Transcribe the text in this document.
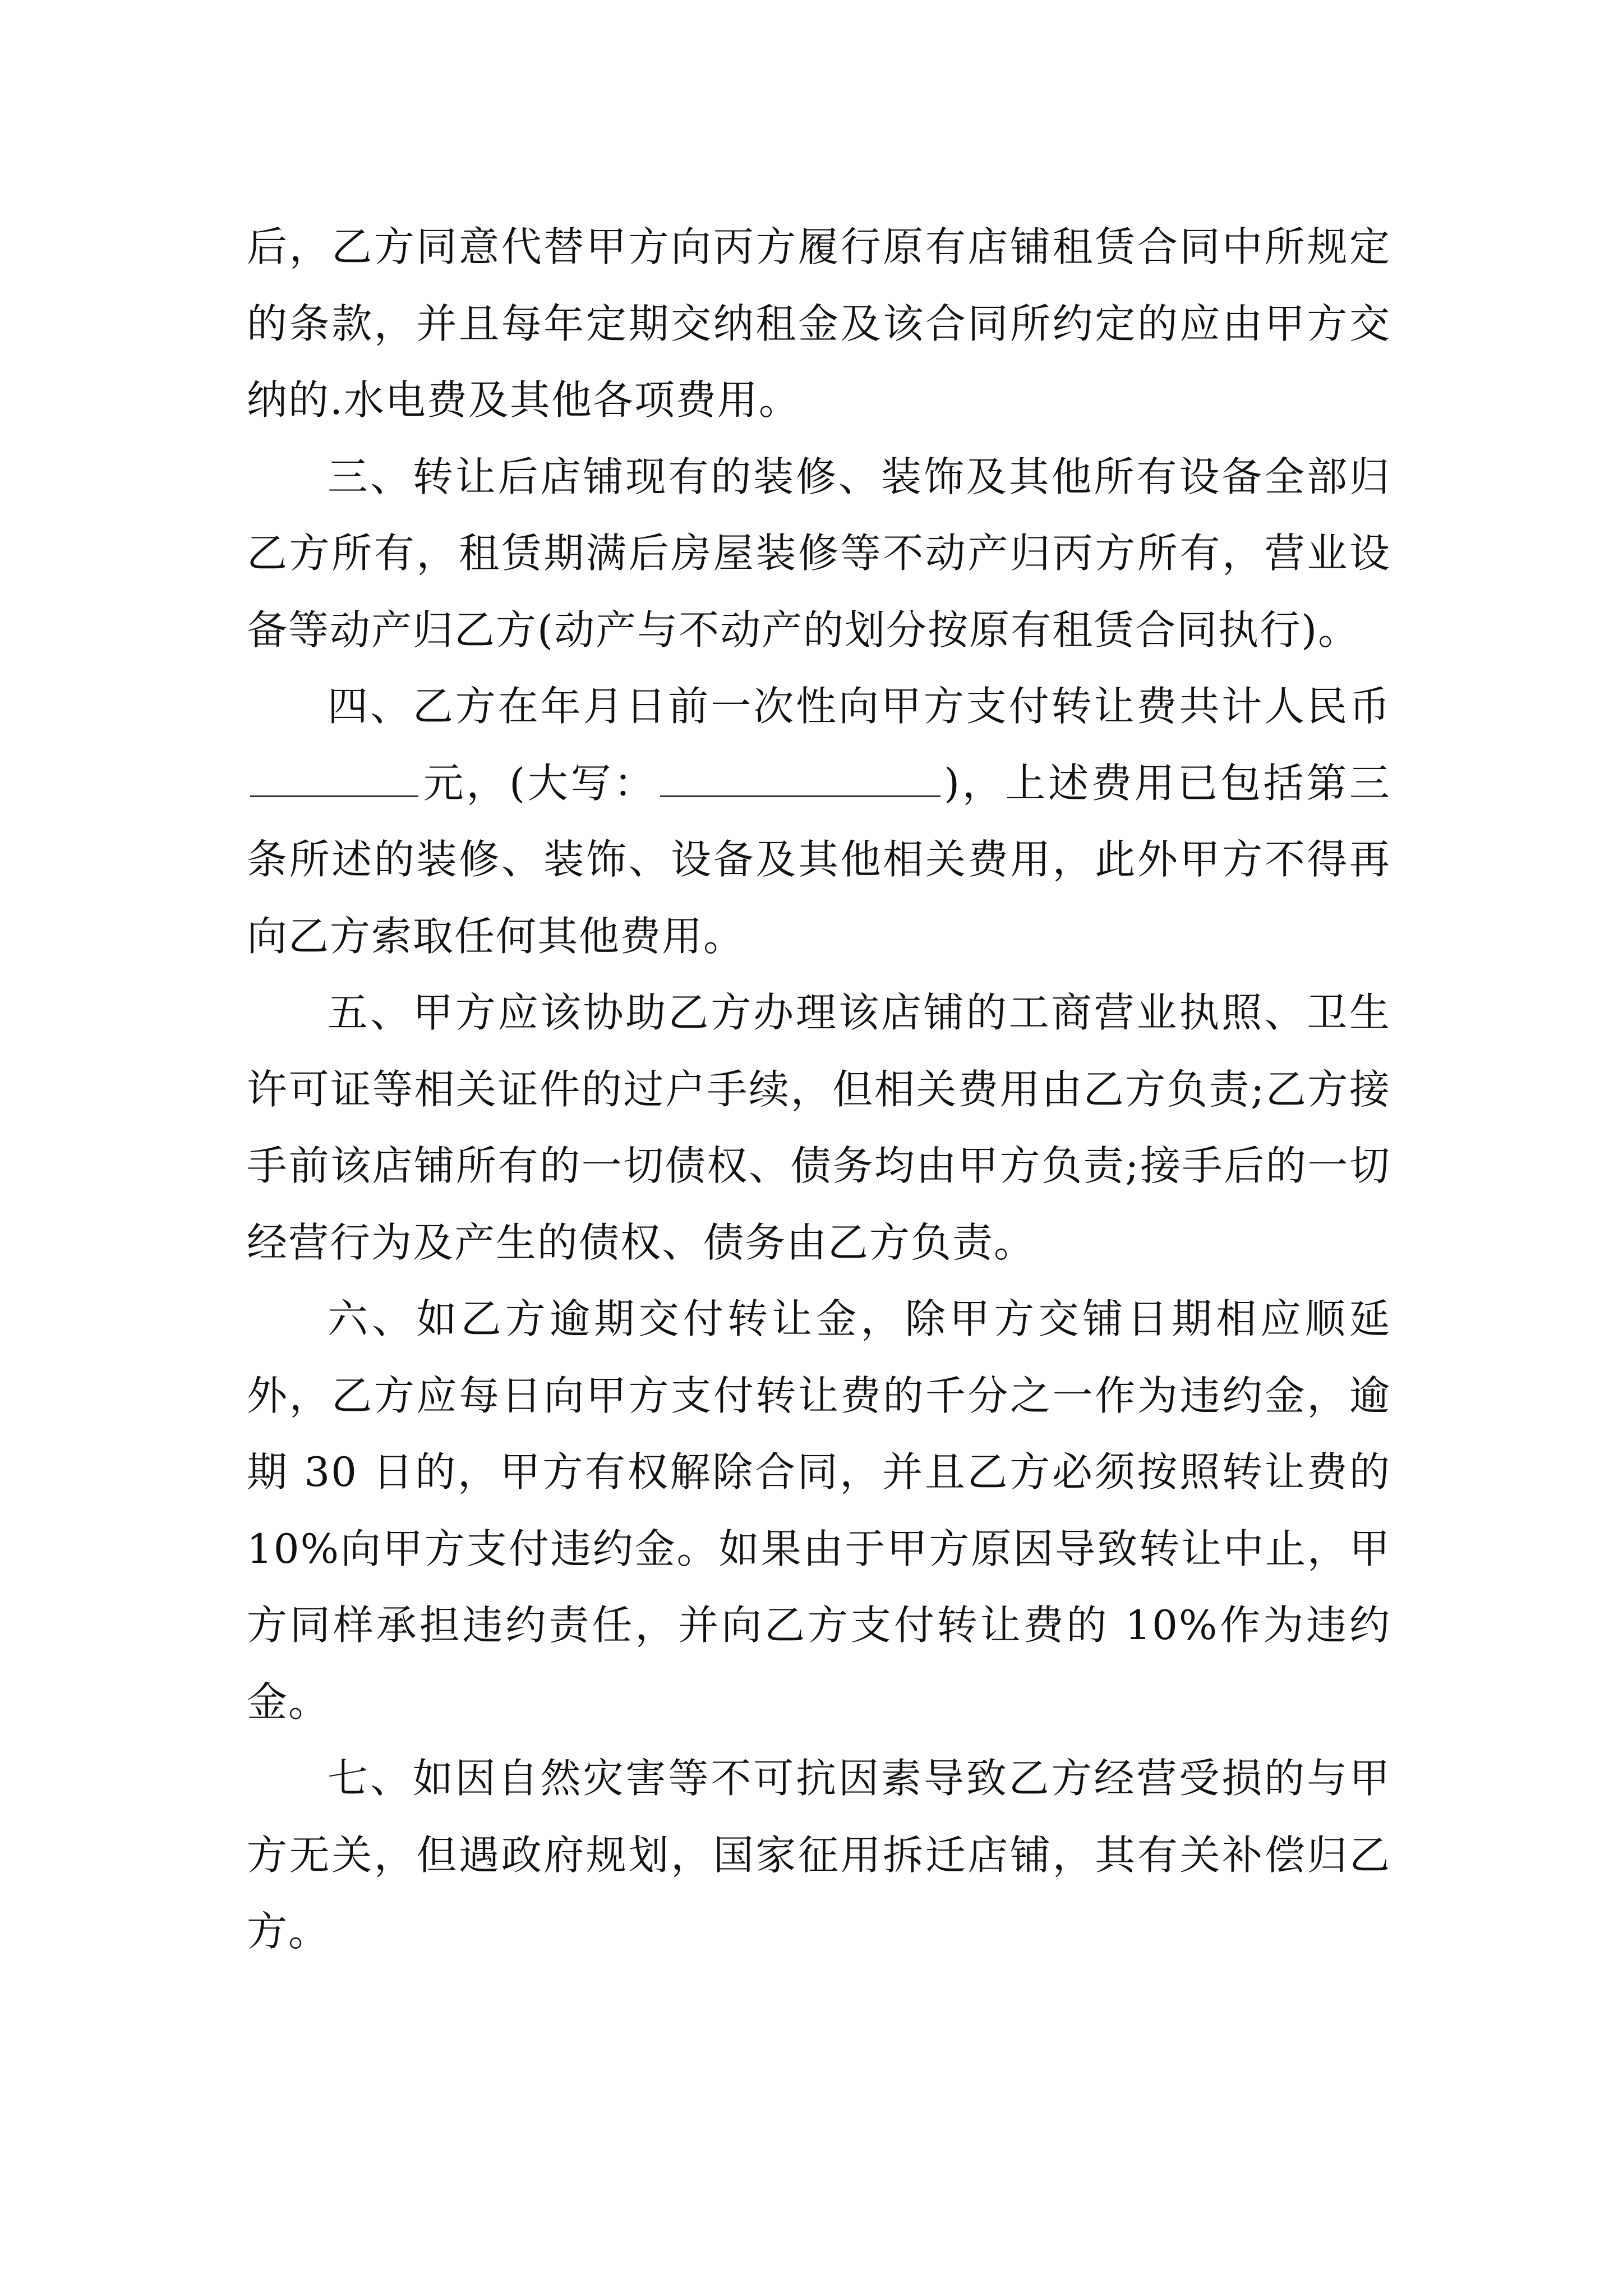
后，乙方同意代替甲方向丙方履行原有店铺租赁合同中所规定的条款，并且每年定期交纳租金及该合同所约定的应由甲方交纳的.水电费及其他各项费用。

三、转让后店铺现有的装修、装饰及其他所有设备全部归乙方所有，租赁期满后房屋装修等不动产归丙方所有，营业设备等动产归乙方(动产与不动产的划分按原有租赁合同执行)。

四、乙方在年月日前一次性向甲方支付转让费共计人民币元，(大写：	)，上述费用已包括第三条所述的装修、装饰、设备及其他相关费用，此外甲方不得再向乙方索取任何其他费用。

五、甲方应该协助乙方办理该店铺的工商营业执照、卫生许可证等相关证件的过户手续，但相关费用由乙方负责;乙方接手前该店铺所有的一切债权、债务均由甲方负责;接手后的一切经营行为及产生的债权、债务由乙方负责。

六、如乙方逾期交付转让金，除甲方交铺日期相应顺延外，乙方应每日向甲方支付转让费的千分之一作为违约金，逾期 30 日的，甲方有权解除合同，并且乙方必须按照转让费的 10%向甲方支付违约金。如果由于甲方原因导致转让中止，甲方同样承担违约责任，并向乙方支付转让费的 10%作为违约金。

七、如因自然灾害等不可抗因素导致乙方经营受损的与甲方无关，但遇政府规划，国家征用拆迁店铺，其有关补偿归乙方。
